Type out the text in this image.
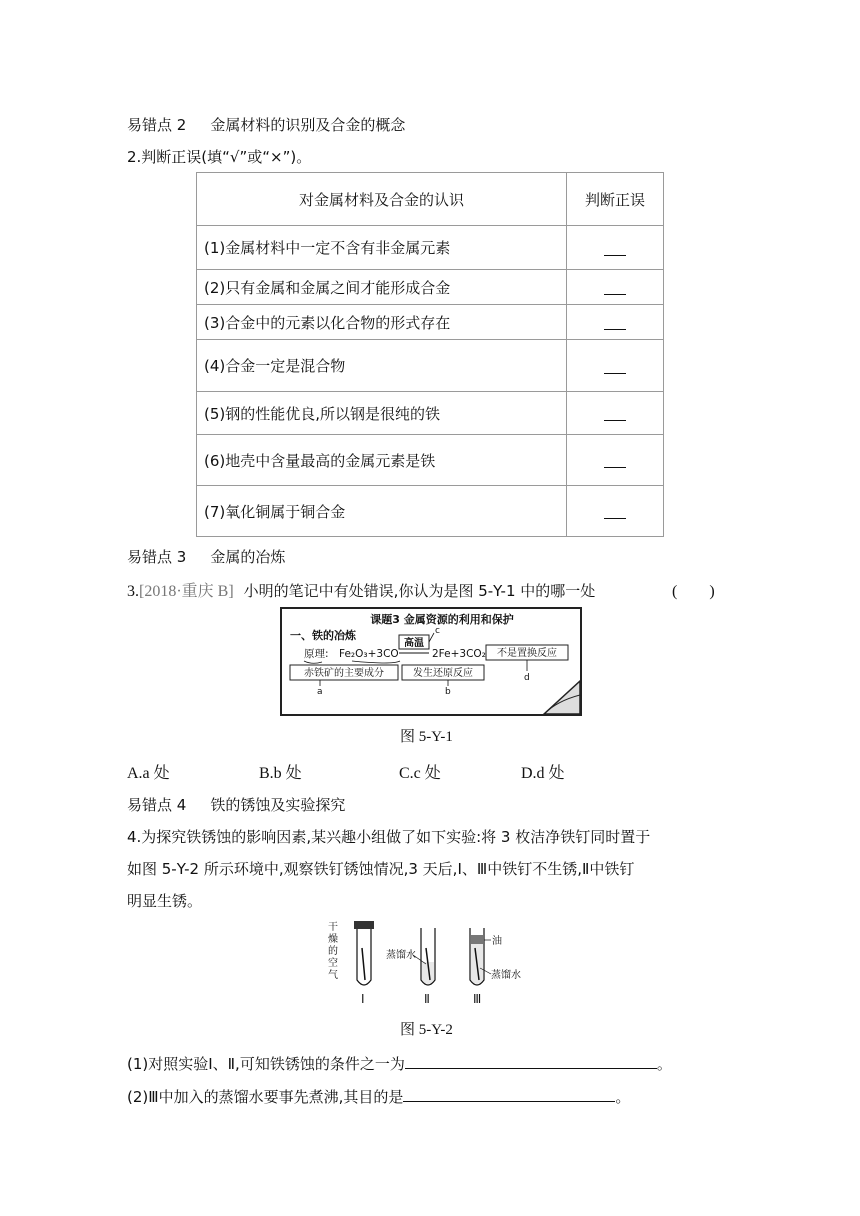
易错点 2 金属材料的识别及合金的概念
2.判断正误(填“√”或“×”)。
对金属材料及合金的认识	判断正误
(1)金属材料中一定不含有非金属元素	
(2)只有金属和金属之间才能形成合金	
(3)合金中的元素以化合物的形式存在	
(4)合金一定是混合物	
(5)钢的性能优良,所以钢是很纯的铁	
(6)地壳中含量最高的金属元素是铁	
(7)氧化铜属于铜合金	
易错点 3 金属的冶炼
3.[2018·重庆 B] 小明的笔记中有处错误,你认为是图 5-Y-1 中的哪一处	(　　)
课题3 金属资源的利用和保护
一、铁的冶炼
原理: Fe₂O₃+3CO
高温
c
2Fe+3CO₂ 不是置换反应
d
赤铁矿的主要成分
a
发生还原反应
b
图 5-Y-1
A.a 处	B.b 处	C.c 处	D.d 处
易错点 4 铁的锈蚀及实验探究
4.为探究铁锈蚀的影响因素,某兴趣小组做了如下实验:将 3 枚洁净铁钉同时置于
如图 5-Y-2 所示环境中,观察铁钉锈蚀情况,3 天后,Ⅰ、Ⅲ中铁钉不生锈,Ⅱ中铁钉
明显生锈。
干
燥
的
空
气
Ⅰ
蒸馏水
Ⅱ
油
蒸馏水
Ⅲ
图 5-Y-2
(1)对照实验Ⅰ、Ⅱ,可知铁锈蚀的条件之一为	。
(2)Ⅲ中加入的蒸馏水要事先煮沸,其目的是	。
